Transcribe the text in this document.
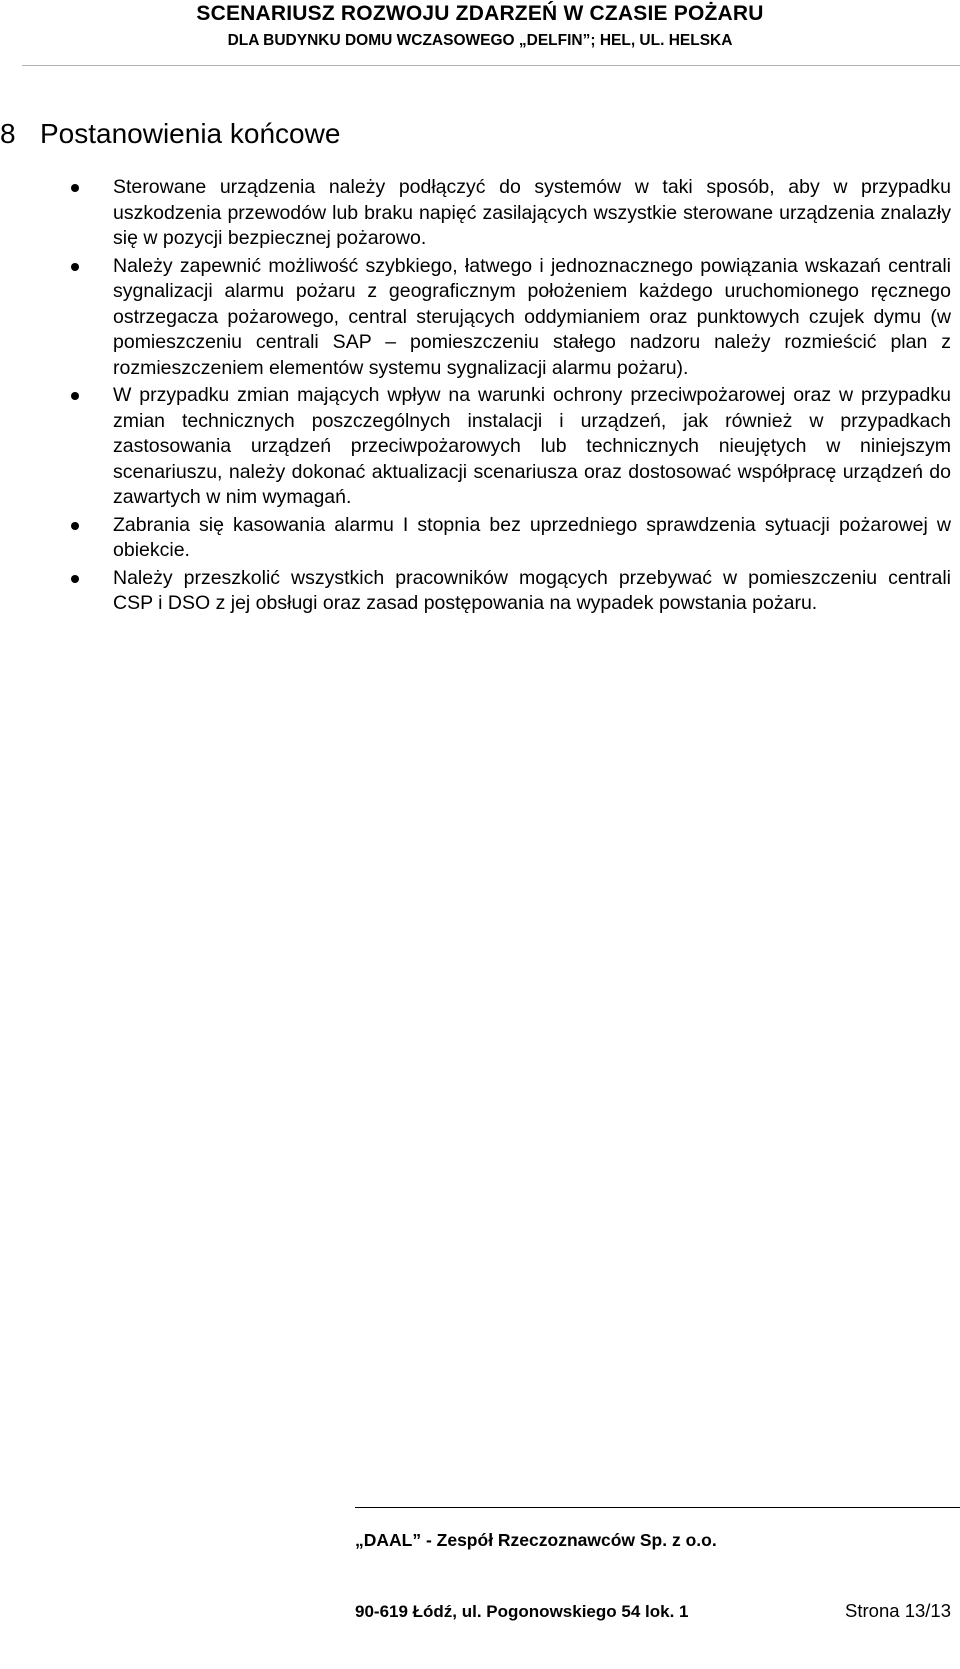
SCENARIUSZ ROZWOJU ZDARZEŃ W CZASIE POŻARU
DLA BUDYNKU DOMU WCZASOWEGO „DELFIN”; HEL, UL. HELSKA
8 Postanowienia końcowe
Sterowane urządzenia należy podłączyć do systemów w taki sposób, aby w przypadku uszkodzenia przewodów lub braku napięć zasilających wszystkie sterowane urządzenia znalazły się w pozycji bezpiecznej pożarowo.
Należy zapewnić możliwość szybkiego, łatwego i jednoznacznego powiązania wskazań centrali sygnalizacji alarmu pożaru z geograficznym położeniem każdego uruchomionego ręcznego ostrzegacza pożarowego, central sterujących oddymianiem oraz punktowych czujek dymu (w pomieszczeniu centrali SAP – pomieszczeniu stałego nadzoru należy rozmieścić plan z rozmieszczeniem elementów systemu sygnalizacji alarmu pożaru).
W przypadku zmian mających wpływ na warunki ochrony przeciwpożarowej oraz w przypadku zmian technicznych poszczególnych instalacji i urządzeń, jak również w przypadkach zastosowania urządzeń przeciwpożarowych lub technicznych nieujętych w niniejszym scenariuszu, należy dokonać aktualizacji scenariusza oraz dostosować współpracę urządzeń do zawartych w nim wymagań.
Zabrania się kasowania alarmu I stopnia bez uprzedniego sprawdzenia sytuacji pożarowej w obiekcie.
Należy przeszkolić wszystkich pracowników mogących przebywać w pomieszczeniu centrali CSP i DSO z jej obsługi oraz zasad postępowania na wypadek powstania pożaru.
„DAAL” - Zespół Rzeczoznawców Sp. z o.o.
90-619 Łódź, ul. Pogonowskiego 54 lok. 1	Strona 13/13
